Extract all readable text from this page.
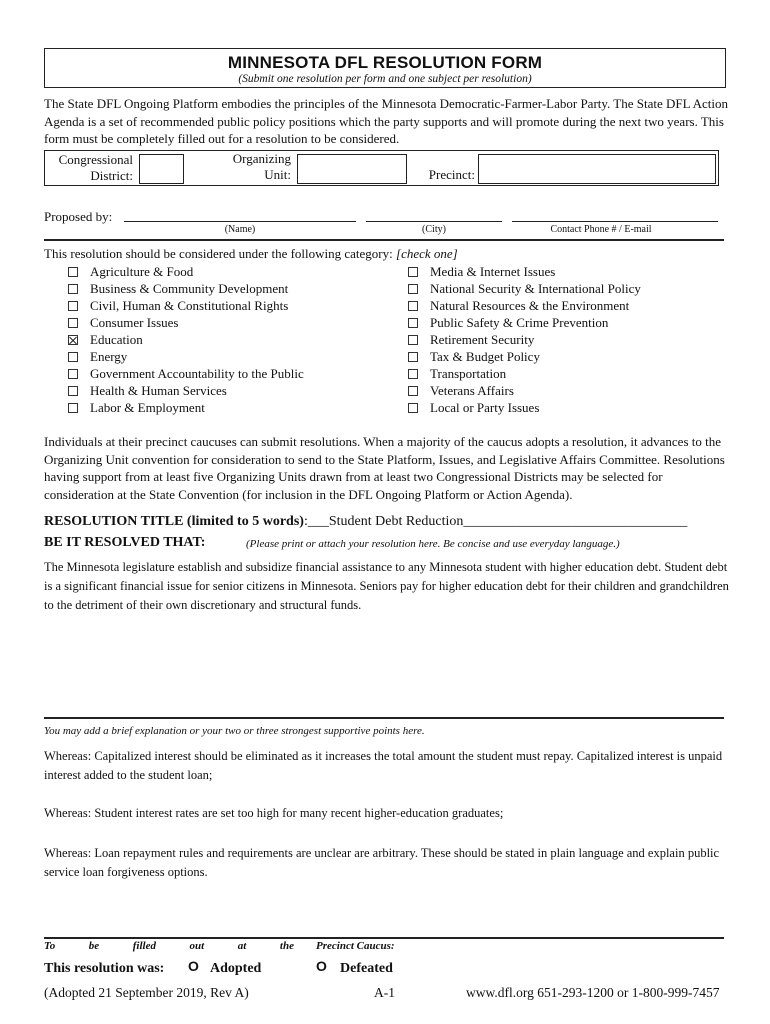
MINNESOTA DFL RESOLUTION FORM
(Submit one resolution per form and one subject per resolution)
The State DFL Ongoing Platform embodies the principles of the Minnesota Democratic-Farmer-Labor Party. The State DFL Action Agenda is a set of recommended public policy positions which the party supports and will promote during the next two years. This form must be completely filled out for a resolution to be considered.
Congressional
District:
Organizing
Unit:	Precinct:
Proposed by:
(Name)	(City)	Contact Phone # / E-mail
This resolution should be considered under the following category: [check one]
Agriculture & Food
Business & Community Development
Civil, Human & Constitutional Rights
Consumer Issues
Education
Energy
Government Accountability to the Public
Health & Human Services
Labor & Employment
Media & Internet Issues
National Security & International Policy
Natural Resources & the Environment
Public Safety & Crime Prevention
Retirement Security
Tax & Budget Policy
Transportation
Veterans Affairs
Local or Party Issues
Individuals at their precinct caucuses can submit resolutions. When a majority of the caucus adopts a resolution, it advances to the Organizing Unit convention for consideration to send to the State Platform, Issues, and Legislative Affairs Committee. Resolutions having support from at least five Organizing Units drawn from at least two Congressional Districts may be selected for consideration at the State Convention (for inclusion in the DFL Ongoing Platform or Action Agenda).
RESOLUTION TITLE (limited to 5 words):___Student Debt Reduction________________________________
BE IT RESOLVED THAT:	(Please print or attach your resolution here. Be concise and use everyday language.)
The Minnesota legislature establish and subsidize financial assistance to any Minnesota student with higher education debt. Student debt is a significant financial issue for senior citizens in Minnesota. Seniors pay for higher education debt for their children and grandchildren to the detriment of their own discretionary and structural funds.
You may add a brief explanation or your two or three strongest supportive points here.
Whereas: Capitalized interest should be eliminated as it increases the total amount the student must repay. Capitalized interest is unpaid interest added to the student loan;
Whereas: Student interest rates are set too high for many recent higher-education graduates;
Whereas: Loan repayment rules and requirements are unclear are arbitrary. These should be stated in plain language and explain public service loan forgiveness options.
To	be	filled	out	at	the Precinct Caucus:
This resolution was: O Adopted	O Defeated
(Adopted 21 September 2019, Rev A)	A-1	www.dfl.org 651-293-1200 or 1-800-999-7457
